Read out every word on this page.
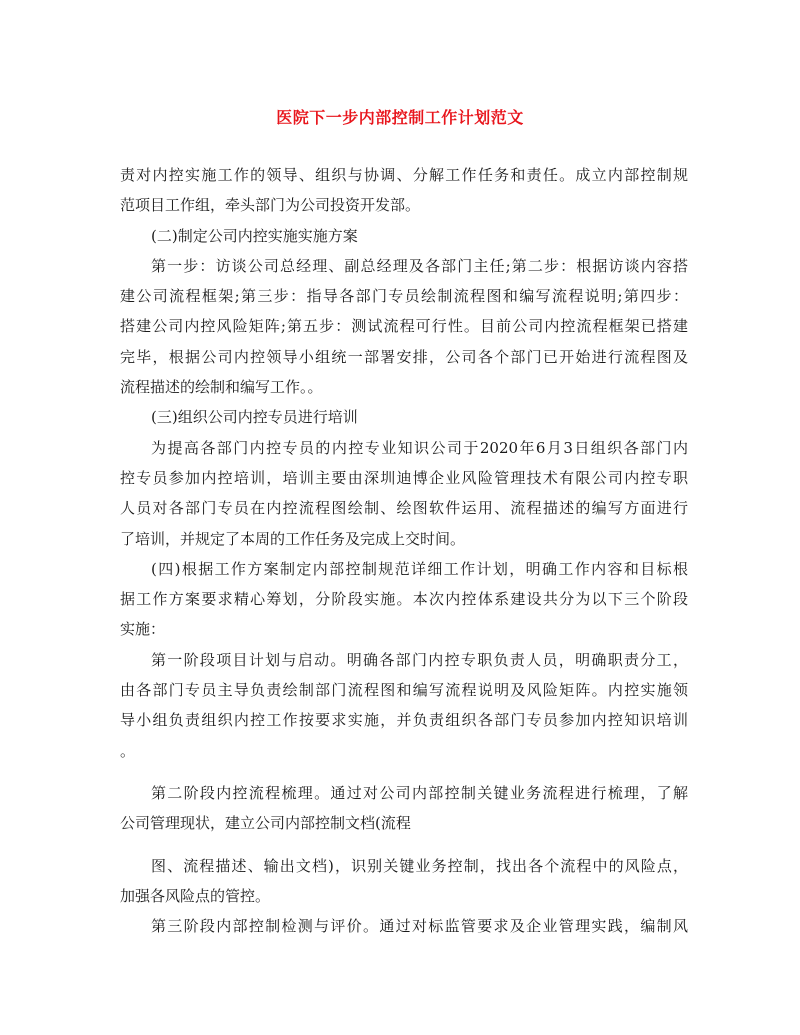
医院下一步内部控制工作计划范文
责对内控实施工作的领导、组织与协调、分解工作任务和责任。成立内部控制规
范项目工作组，牵头部门为公司投资开发部。
(二)制定公司内控实施实施方案
第一步：访谈公司总经理、副总经理及各部门主任;第二步：根据访谈内容搭
建公司流程框架;第三步：指导各部门专员绘制流程图和编写流程说明;第四步：
搭建公司内控风险矩阵;第五步：测试流程可行性。目前公司内控流程框架已搭建
完毕，根据公司内控领导小组统一部署安排，公司各个部门已开始进行流程图及
流程描述的绘制和编写工作。。
(三)组织公司内控专员进行培训
为提高各部门内控专员的内控专业知识公司于2020年6月3日组织各部门内
控专员参加内控培训，培训主要由深圳迪博企业风险管理技术有限公司内控专职
人员对各部门专员在内控流程图绘制、绘图软件运用、流程描述的编写方面进行
了培训，并规定了本周的工作任务及完成上交时间。
(四)根据工作方案制定内部控制规范详细工作计划，明确工作内容和目标根
据工作方案要求精心筹划，分阶段实施。本次内控体系建设共分为以下三个阶段
实施：
第一阶段项目计划与启动。明确各部门内控专职负责人员，明确职责分工，
由各部门专员主导负责绘制部门流程图和编写流程说明及风险矩阵。内控实施领
导小组负责组织内控工作按要求实施，并负责组织各部门专员参加内控知识培训
。
第二阶段内控流程梳理。通过对公司内部控制关键业务流程进行梳理，了解
公司管理现状，建立公司内部控制文档(流程
图、流程描述、输出文档)，识别关键业务控制，找出各个流程中的风险点，
加强各风险点的管控。
第三阶段内部控制检测与评价。通过对标监管要求及企业管理实践，编制风
